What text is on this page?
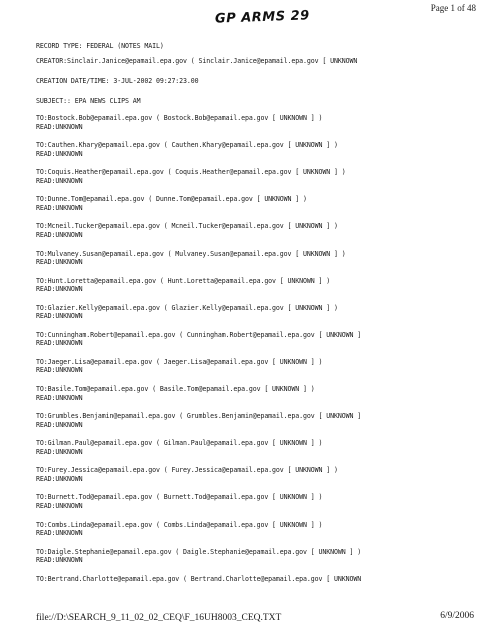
Page 1 of 48
GP ARMS 29
RECORD TYPE: FEDERAL (NOTES MAIL)
CREATOR:Sinclair.Janice@epamail.epa.gov ( Sinclair.Janice@epamail.epa.gov [ UNKNOWN
CREATION DATE/TIME: 3-JUL-2002 09:27:23.00
SUBJECT:: EPA NEWS CLIPS AM
TO:Bostock.Bob@epamail.epa.gov ( Bostock.Bob@epamail.epa.gov [ UNKNOWN ] )
READ:UNKNOWN
TO:Cauthen.Khary@epamail.epa.gov ( Cauthen.Khary@epamail.epa.gov [ UNKNOWN ] )
READ:UNKNOWN
TO:Coquis.Heather@epamail.epa.gov ( Coquis.Heather@epamail.epa.gov [ UNKNOWN ] )
READ:UNKNOWN
TO:Dunne.Tom@epamail.epa.gov ( Dunne.Tom@epamail.epa.gov [ UNKNOWN ] )
READ:UNKNOWN
TO:Mcneil.Tucker@epamail.epa.gov ( Mcneil.Tucker@epamail.epa.gov [ UNKNOWN ] )
READ:UNKNOWN
TO:Mulvaney.Susan@epamail.epa.gov ( Mulvaney.Susan@epamail.epa.gov [ UNKNOWN ] )
READ:UNKNOWN
TO:Hunt.Loretta@epamail.epa.gov ( Hunt.Loretta@epamail.epa.gov [ UNKNOWN ] )
READ:UNKNOWN
TO:Glazier.Kelly@epamail.epa.gov ( Glazier.Kelly@epamail.epa.gov [ UNKNOWN ] )
READ:UNKNOWN
TO:Cunningham.Robert@epamail.epa.gov ( Cunningham.Robert@epamail.epa.gov [ UNKNOWN ]
READ:UNKNOWN
TO:Jaeger.Lisa@epamail.epa.gov ( Jaeger.Lisa@epamail.epa.gov [ UNKNOWN ] )
READ:UNKNOWN
TO:Basile.Tom@epamail.epa.gov ( Basile.Tom@epamail.epa.gov [ UNKNOWN ] )
READ:UNKNOWN
TO:Grumbles.Benjamin@epamail.epa.gov ( Grumbles.Benjamin@epamail.epa.gov [ UNKNOWN ]
READ:UNKNOWN
TO:Gilman.Paul@epamail.epa.gov ( Gilman.Paul@epamail.epa.gov [ UNKNOWN ] )
READ:UNKNOWN
TO:Furey.Jessica@epamail.epa.gov ( Furey.Jessica@epamail.epa.gov [ UNKNOWN ] )
READ:UNKNOWN
TO:Burnett.Tod@epamail.epa.gov ( Burnett.Tod@epamail.epa.gov [ UNKNOWN ] )
READ:UNKNOWN
TO:Combs.Linda@epamail.epa.gov ( Combs.Linda@epamail.epa.gov [ UNKNOWN ] )
READ:UNKNOWN
TO:Daigle.Stephanie@epamail.epa.gov ( Daigle.Stephanie@epamail.epa.gov [ UNKNOWN ] )
READ:UNKNOWN
TO:Bertrand.Charlotte@epamail.epa.gov ( Bertrand.Charlotte@epamail.epa.gov [ UNKNOWN
file://D:\SEARCH_9_11_02_02_CEQ\F_16UH8003_CEQ.TXT	6/9/2006
